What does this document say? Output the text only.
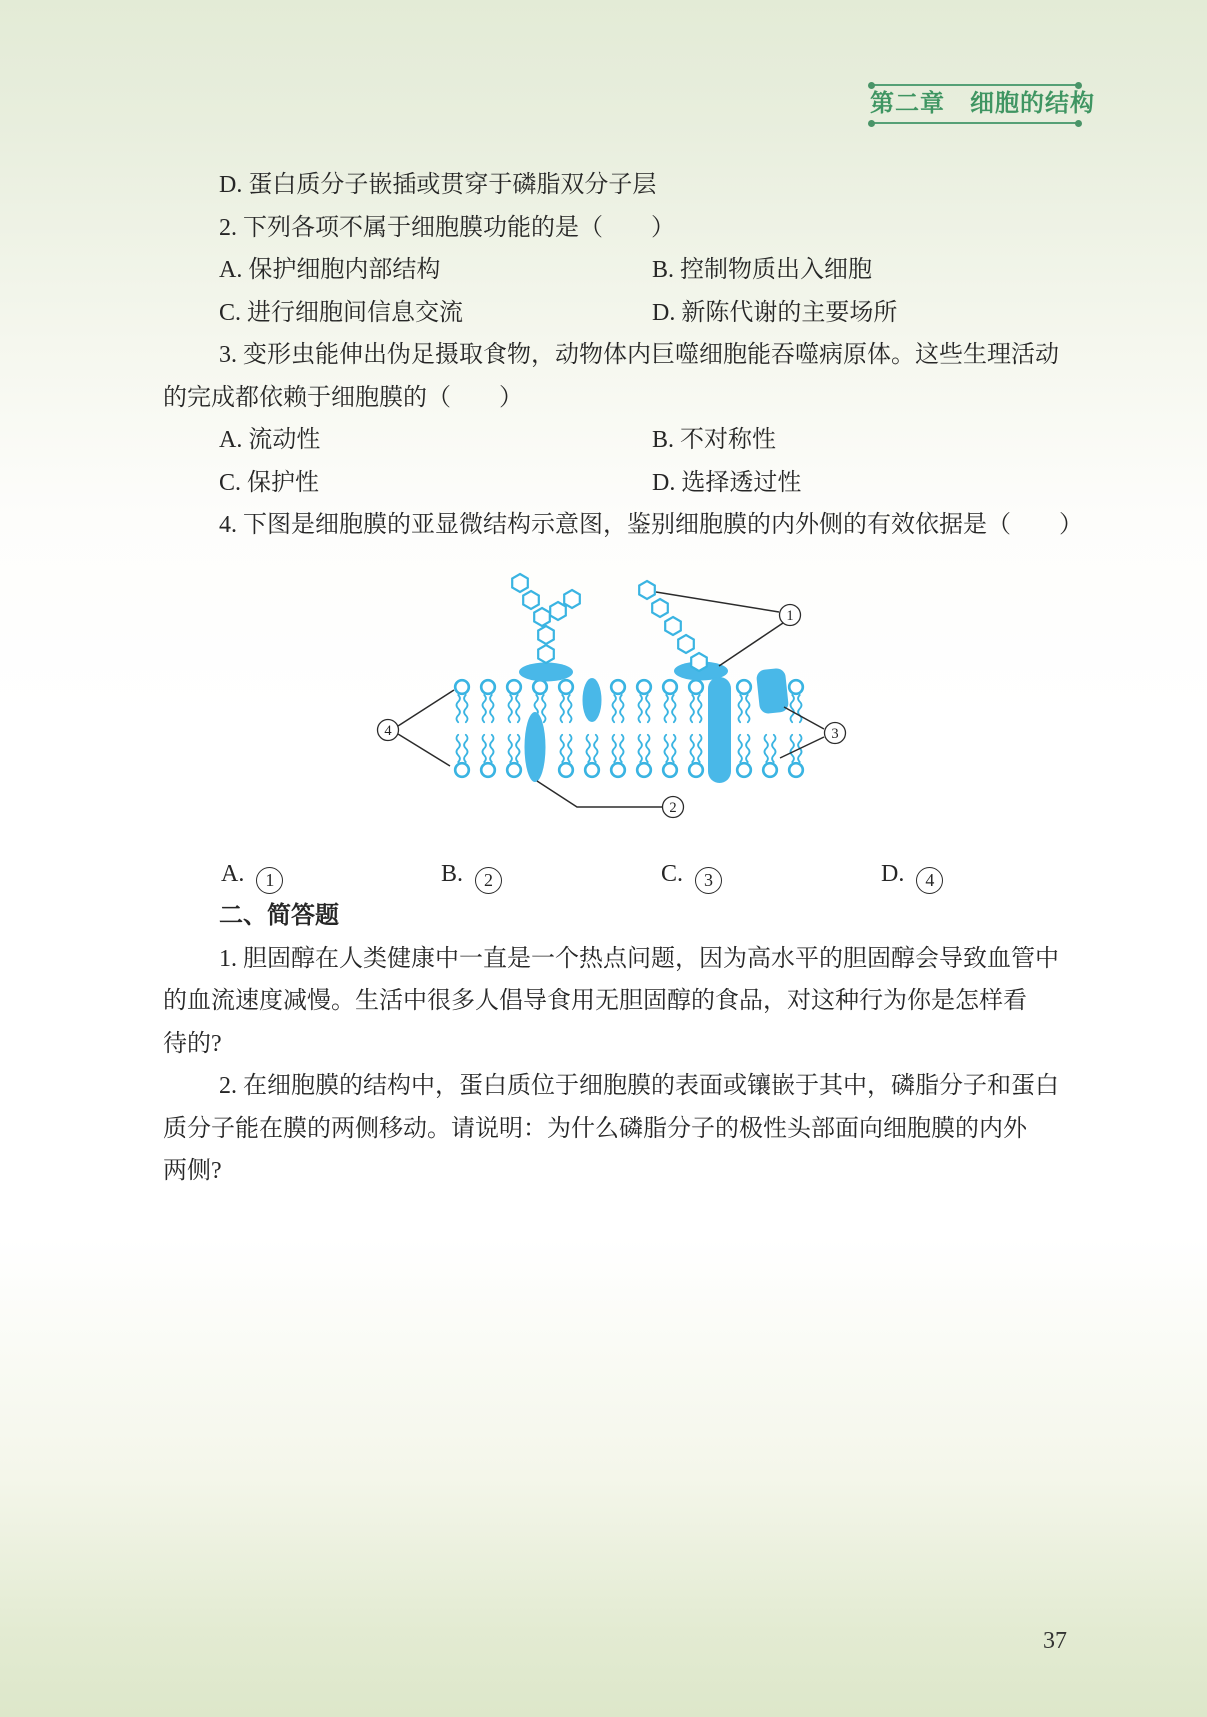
第二章　细胞的结构
D. 蛋白质分子嵌插或贯穿于磷脂双分子层
2. 下列各项不属于细胞膜功能的是（　　）
A. 保护细胞内部结构	B. 控制物质出入细胞
C. 进行细胞间信息交流	D. 新陈代谢的主要场所
3. 变形虫能伸出伪足摄取食物，动物体内巨噬细胞能吞噬病原体。这些生理活动
的完成都依赖于细胞膜的（　　）
A. 流动性	B. 不对称性
C. 保护性	D. 选择透过性
4. 下图是细胞膜的亚显微结构示意图，鉴别细胞膜的内外侧的有效依据是（　　）
A. 1	B. 2	C. 3	D. 4
二、简答题
1. 胆固醇在人类健康中一直是一个热点问题，因为高水平的胆固醇会导致血管中
的血流速度减慢。生活中很多人倡导食用无胆固醇的食品，对这种行为你是怎样看
待的?
2. 在细胞膜的结构中，蛋白质位于细胞膜的表面或镶嵌于其中，磷脂分子和蛋白
质分子能在膜的两侧移动。请说明：为什么磷脂分子的极性头部面向细胞膜的内外
两侧?
1
2
3
4
37
